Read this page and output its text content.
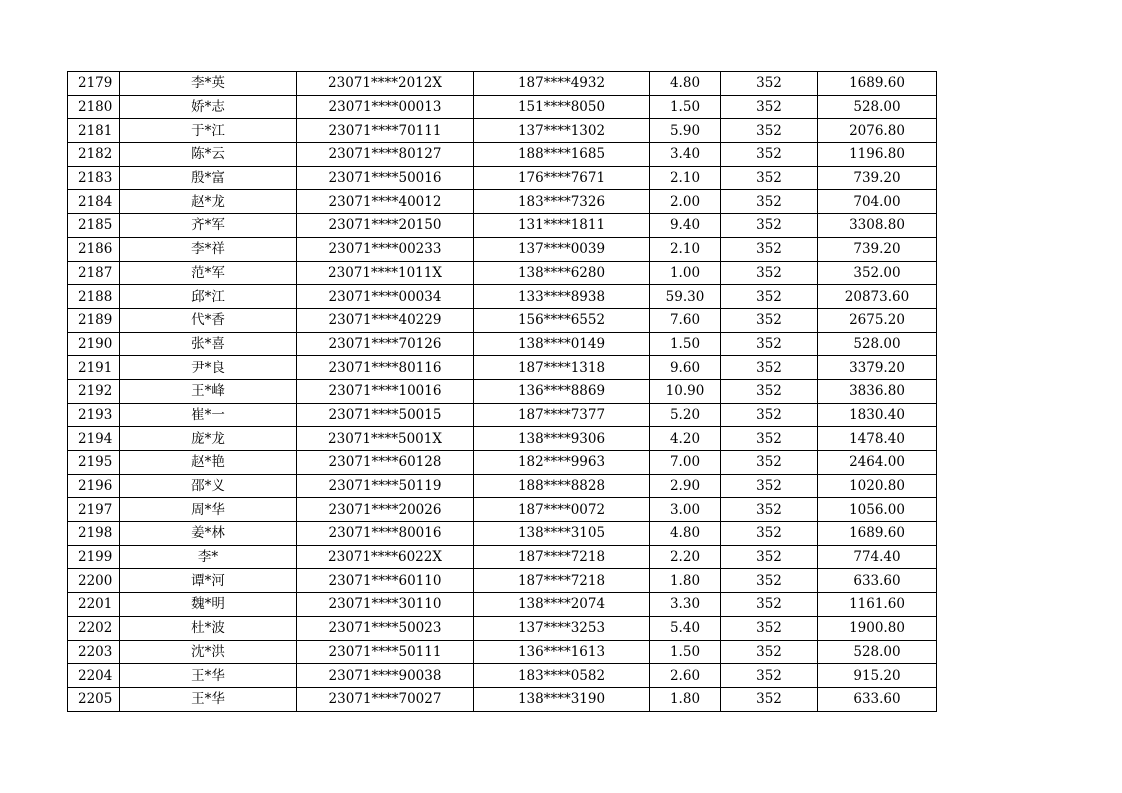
2179	李*英	23071****2012X	187****4932	4.80	352	1689.60
2180	娇*志	23071****00013	151****8050	1.50	352	528.00
2181	于*江	23071****70111	137****1302	5.90	352	2076.80
2182	陈*云	23071****80127	188****1685	3.40	352	1196.80
2183	殷*富	23071****50016	176****7671	2.10	352	739.20
2184	赵*龙	23071****40012	183****7326	2.00	352	704.00
2185	齐*军	23071****20150	131****1811	9.40	352	3308.80
2186	李*祥	23071****00233	137****0039	2.10	352	739.20
2187	范*军	23071****1011X	138****6280	1.00	352	352.00
2188	邱*江	23071****00034	133****8938	59.30	352	20873.60
2189	代*香	23071****40229	156****6552	7.60	352	2675.20
2190	张*喜	23071****70126	138****0149	1.50	352	528.00
2191	尹*良	23071****80116	187****1318	9.60	352	3379.20
2192	王*峰	23071****10016	136****8869	10.90	352	3836.80
2193	崔*一	23071****50015	187****7377	5.20	352	1830.40
2194	庞*龙	23071****5001X	138****9306	4.20	352	1478.40
2195	赵*艳	23071****60128	182****9963	7.00	352	2464.00
2196	邵*义	23071****50119	188****8828	2.90	352	1020.80
2197	周*华	23071****20026	187****0072	3.00	352	1056.00
2198	姜*林	23071****80016	138****3105	4.80	352	1689.60
2199	李*	23071****6022X	187****7218	2.20	352	774.40
2200	谭*河	23071****60110	187****7218	1.80	352	633.60
2201	魏*明	23071****30110	138****2074	3.30	352	1161.60
2202	杜*波	23071****50023	137****3253	5.40	352	1900.80
2203	沈*洪	23071****50111	136****1613	1.50	352	528.00
2204	王*华	23071****90038	183****0582	2.60	352	915.20
2205	王*华	23071****70027	138****3190	1.80	352	633.60
